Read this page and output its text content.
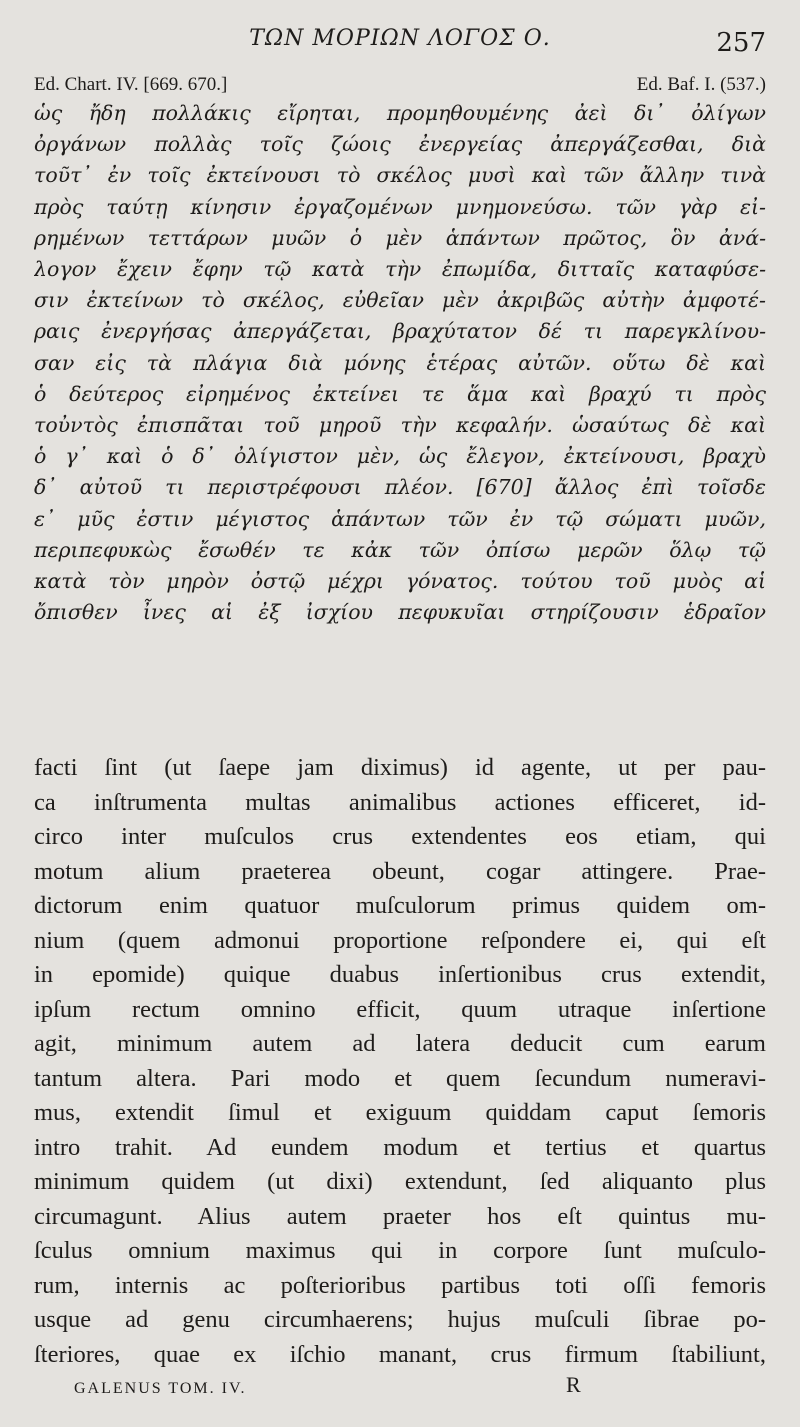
ΤΩΝ ΜΟΡΙΩΝ ΛΟΓΟΣ Ο.	257
Ed. Chart. IV. [669. 670.]	Ed. Baf. I. (537.)
ὡς ἤδη πολλάκις εἴρηται, προμηθουμένης ἀεὶ δι᾽ ὀλίγων
ὀργάνων πολλὰς τοῖς ζώοις ἐνεργείας ἀπεργάζεσθαι, διὰ
τοῦτ᾽ ἐν τοῖς ἐκτείνουσι τὸ σκέλος μυσὶ καὶ τῶν ἄλλην τινὰ
πρὸς ταύτῃ κίνησιν ἐργαζομένων μνημονεύσω. τῶν γὰρ εἰ-
ρημένων τεττάρων μυῶν ὁ μὲν ἁπάντων πρῶτος, ὃν ἀνά-
λογον ἔχειν ἔφην τῷ κατὰ τὴν ἐπωμίδα, διτταῖς καταφύσε-
σιν ἐκτείνων τὸ σκέλος, εὐθεῖαν μὲν ἀκριβῶς αὐτὴν ἀμφοτέ-
ραις ἐνεργήσας ἀπεργάζεται, βραχύτατον δέ τι παρεγκλίνου-
σαν εἰς τὰ πλάγια διὰ μόνης ἑτέρας αὐτῶν. οὕτω δὲ καὶ
ὁ δεύτερος εἰρημένος ἐκτείνει τε ἅμα καὶ βραχύ τι πρὸς
τοὐντὸς ἐπισπᾶται τοῦ μηροῦ τὴν κεφαλήν. ὡσαύτως δὲ καὶ
ὁ γ᾽ καὶ ὁ δ᾽ ὀλίγιστον μὲν, ὡς ἔλεγον, ἐκτείνουσι, βραχὺ
δ᾽ αὐτοῦ τι περιστρέφουσι πλέον. [670] ἄλλος ἐπὶ τοῖσδε
ε᾽ μῦς ἐστιν μέγιστος ἁπάντων τῶν ἐν τῷ σώματι μυῶν,
περιπεφυκὼς ἔσωθέν τε κἀκ τῶν ὀπίσω μερῶν ὅλῳ τῷ
κατὰ τὸν μηρὸν ὀστῷ μέχρι γόνατος. τούτου τοῦ μυὸς αἱ
ὄπισθεν ἶνες αἱ ἐξ ἰσχίου πεφυκυῖαι στηρίζουσιν ἑδραῖον
facti ſint (ut ſaepe jam diximus) id agente, ut per pau-
ca inſtrumenta multas animalibus actiones efficeret, id-
circo inter muſculos crus extendentes eos etiam, qui
motum alium praeterea obeunt, cogar attingere. Prae-
dictorum enim quatuor muſculorum primus quidem om-
nium (quem admonui proportione reſpondere ei, qui eſt
in epomide) quique duabus inſertionibus crus extendit,
ipſum rectum omnino efficit, quum utraque inſertione
agit, minimum autem ad latera deducit cum earum
tantum altera. Pari modo et quem ſecundum numeravi-
mus, extendit ſimul et exiguum quiddam caput ſemoris
intro trahit. Ad eundem modum et tertius et quartus
minimum quidem (ut dixi) extendunt, ſed aliquanto plus
circumagunt. Alius autem praeter hos eſt quintus mu-
ſculus omnium maximus qui in corpore ſunt muſculo-
rum, internis ac poſterioribus partibus toti oſſi femoris
usque ad genu circumhaerens; hujus muſculi ſibrae po-
ſteriores, quae ex iſchio manant, crus firmum ſtabiliunt,
GALENUS TOM. IV.	R
